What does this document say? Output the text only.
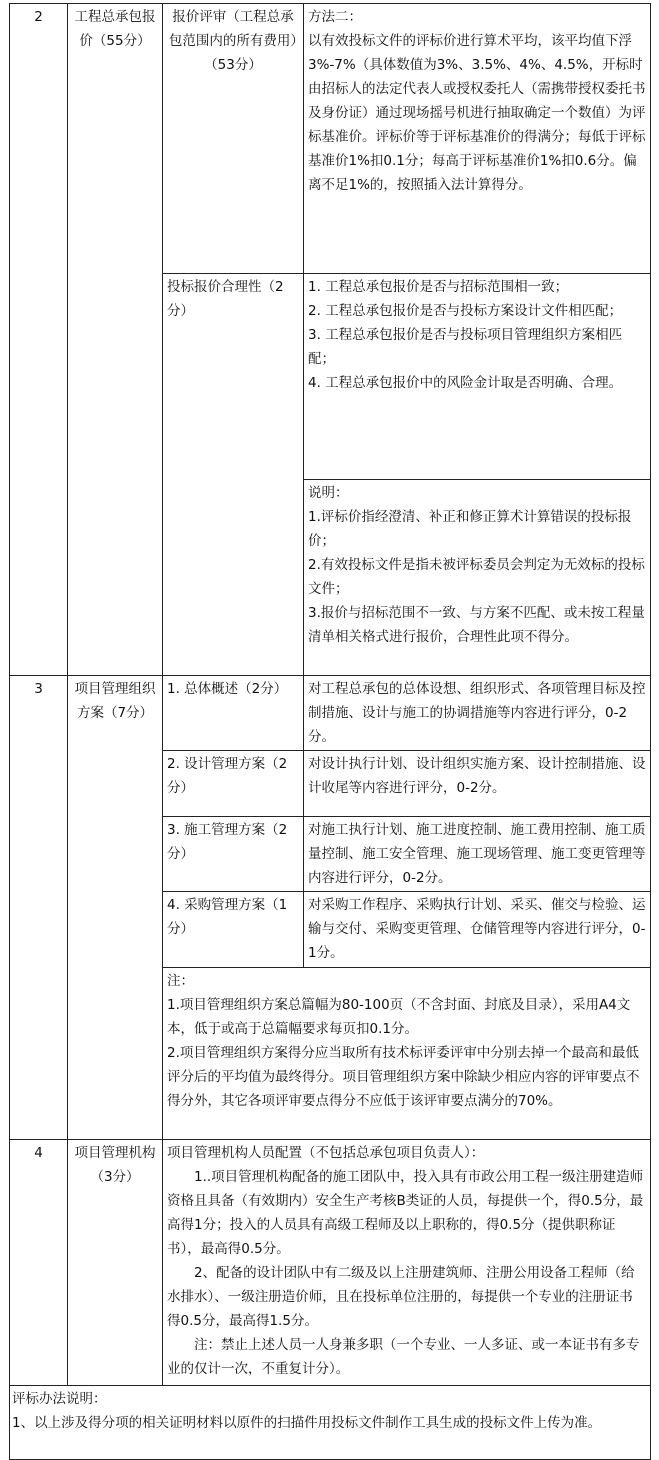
2	工程总承包报价（55分）	报价评审（工程总承包范围内的所有费用）（53分）	方法二：
以有效投标文件的评标价进行算术平均，该平均值下浮3%-7%（具体数值为3%、3.5%、4%、4.5%，开标时由招标人的法定代表人或授权委托人（需携带授权委托书及身份证）通过现场摇号机进行抽取确定一个数值）为评标基准价。评标价等于评标基准价的得满分；每低于评标基准价1%扣0.1分；每高于评标基准价1%扣0.6分。偏离不足1%的，按照插入法计算得分。

		投标报价合理性（2 分）	1. 工程总承包报价是否与招标范围相一致；
2. 工程总承包报价是否与投标方案设计文件相匹配；
3. 工程总承包报价是否与投标项目管理组织方案相匹配；
4. 工程总承包报价中的风险金计取是否明确、合理。

			说明：
1.评标价指经澄清、补正和修正算术计算错误的投标报价；
2.有效投标文件是指未被评标委员会判定为无效标的投标文件；
3.报价与招标范围不一致、与方案不匹配、或未按工程量清单相关格式进行报价，合理性此项不得分。

3	项目管理组织方案（7分）	1. 总体概述（2分）	对工程总承包的总体设想、组织形式、各项管理目标及控制措施、设计与施工的协调措施等内容进行评分，0-2分。
		2. 设计管理方案（2分）	对设计执行计划、设计组织实施方案、设计控制措施、设计收尾等内容进行评分，0-2分。
		3. 施工管理方案（2分）	对施工执行计划、施工进度控制、施工费用控制、施工质量控制、施工安全管理、施工现场管理、施工变更管理等内容进行评分，0-2分。
		4. 采购管理方案（1分）	对采购工作程序、采购执行计划、采买、催交与检验、运输与交付、采购变更管理、仓储管理等内容进行评分，0-1分。

		注：
1.项目管理组织方案总篇幅为80-100页（不含封面、封底及目录），采用A4文本，低于或高于总篇幅要求每页扣0.1分。
2.项目管理组织方案得分应当取所有技术标评委评审中分别去掉一个最高和最低评分后的平均值为最终得分。项目管理组织方案中除缺少相应内容的评审要点不得分外，其它各项评审要点得分不应低于该评审要点满分的70%。	

4	项目管理机构（3分）	项目管理机构人员配置（不包括总承包项目负责人）：
1..项目管理机构配备的施工团队中，投入具有市政公用工程一级注册建造师资格且具备（有效期内）安全生产考核B类证的人员，每提供一个，得0.5分，最高得1分；投入的人员具有高级工程师及以上职称的，得0.5分（提供职称证书），最高得0.5分。
2、配备的设计团队中有二级及以上注册建筑师、注册公用设备工程师（给水排水）、一级注册造价师，且在投标单位注册的，每提供一个专业的注册证书得0.5分，最高得1.5分。
注：禁止上述人员一人身兼多职（一个专业、一人多证、或一本证书有多专业的仅计一次，不重复计分）。	

评标办法说明：
1、以上涉及得分项的相关证明材料以原件的扫描件用投标文件制作工具生成的投标文件上传为准。			
